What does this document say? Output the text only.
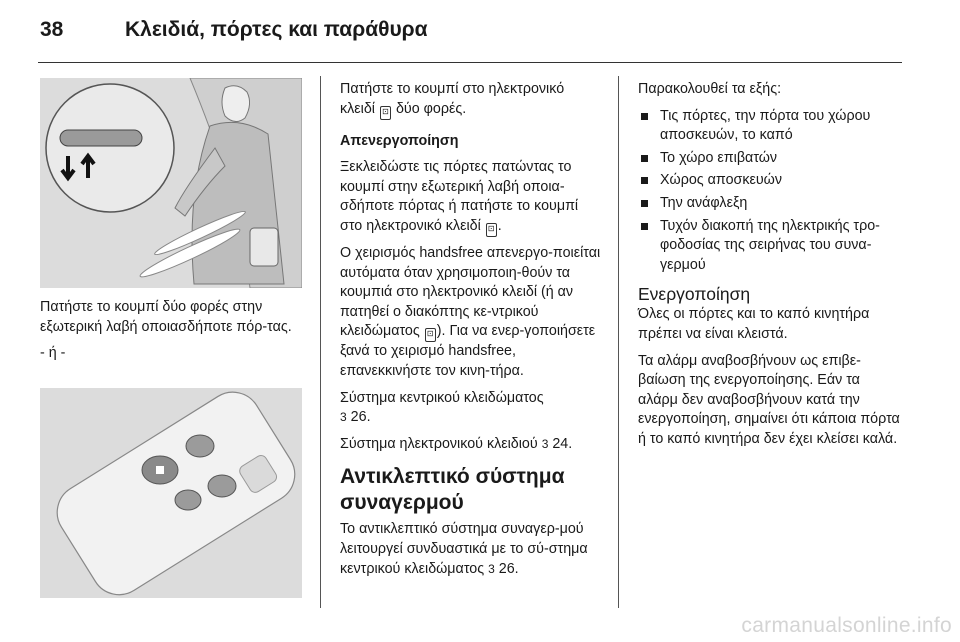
38	Κλειδιά, πόρτες και παράθυρα

Πατήστε το κουμπί δύο φορές στην εξωτερική λαβή οποιασδήποτε πόρ-τας.

- ή -

Πατήστε το κουμπί στο ηλεκτρονικό κλειδί ⊡ δύο φορές.

Απενεργοποίηση

Ξεκλειδώστε τις πόρτες πατώντας το κουμπί στην εξωτερική λαβή οποια-σδήποτε πόρτας ή πατήστε το κουμπί στο ηλεκτρονικό κλειδί ⊡ .

Ο χειρισμός handsfree απενεργο-ποιείται αυτόματα όταν χρησιμοποιη-θούν τα κουμπιά στο ηλεκτρονικό κλειδί (ή αν πατηθεί ο διακόπτης κε-ντρικού κλειδώματος ⊡ ). Για να ενερ-γοποιήσετε ξανά το χειρισμό handsfree, επανεκκινήστε τον κινη-τήρα.

Σύστημα κεντρικού κλειδώματος
3 26.

Σύστημα ηλεκτρονικού κλειδιού 3 24.

Αντικλεπτικό σύστημα συναγερμού

Το αντικλεπτικό σύστημα συναγερ-μού λειτουργεί συνδυαστικά με το σύ-στημα κεντρικού κλειδώματος 3 26.

Παρακολουθεί τα εξής:

Τις πόρτες, την πόρτα του χώρου αποσκευών, το καπό
Το χώρο επιβατών
Χώρος αποσκευών
Την ανάφλεξη
Τυχόν διακοπή της ηλεκτρικής τρο-φοδοσίας της σειρήνας του συνα-γερμού
Ενεργοποίηση

Όλες οι πόρτες και το καπό κινητήρα πρέπει να είναι κλειστά.

Τα αλάρμ αναβοσβήνουν ως επιβε-βαίωση της ενεργοποίησης. Εάν τα αλάρμ δεν αναβοσβήνουν κατά την ενεργοποίηση, σημαίνει ότι κάποια πόρτα ή το καπό κινητήρα δεν έχει κλείσει καλά.

carmanualsonline.info
